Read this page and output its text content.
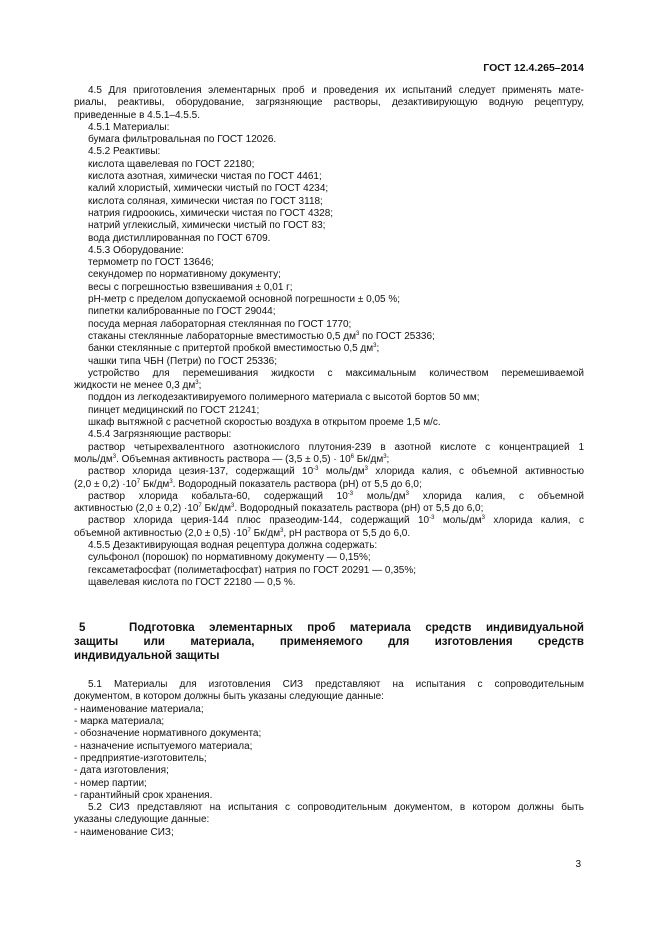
ГОСТ 12.4.265–2014

4.5 Для приготовления элементарных проб и проведения их испытаний следует применять мате-

риалы, реактивы, оборудование, загрязняющие растворы, дезактивирующую водную рецептуру,

приведенные в 4.5.1–4.5.5.

4.5.1 Материалы:

бумага фильтровальная по ГОСТ 12026.

4.5.2 Реактивы:

кислота щавелевая по ГОСТ 22180;

кислота азотная, химически чистая по ГОСТ 4461;

калий хлористый, химически чистый по ГОСТ 4234;

кислота соляная, химически чистая по ГОСТ 3118;

натрия гидроокись, химически чистая по ГОСТ 4328;

натрий углекислый, химически чистый по ГОСТ 83;

вода дистиллированная по ГОСТ 6709.

4.5.3 Оборудование:

термометр по ГОСТ 13646;

секундомер по нормативному документу;

весы с погрешностью взвешивания ± 0,01 г;

рН-метр с пределом допускаемой основной погрешности ± 0,05 %;

пипетки калиброванные по ГОСТ 29044;

посуда мерная лабораторная стеклянная по ГОСТ 1770;

стаканы стеклянные лабораторные вместимостью 0,5 $дм^3$ по ГОСТ 25336;

банки стеклянные с притертой пробкой вместимостью 0,5 $дм^3$;

чашки типа ЧБН (Петри) по ГОСТ 25336;

устройство для перемешивания жидкости с максимальным количеством перемешиваемой

жидкости не менее 0,3 $дм^3$;

поддон из легкодезактивируемого полимерного материала с высотой бортов 50 мм;

пинцет медицинский по ГОСТ 21241;

шкаф вытяжной с расчетной скоростью воздуха в открытом проеме 1,5 м/с.

4.5.4 Загрязняющие растворы:

раствор четырехвалентного азотнокислого плутония-239 в азотной кислоте с концентрацией 1

моль/$дм^3$. Объемная активность раствора — $(3,5 \pm 0,5) \cdot 10^6$ $Бк/дм^3$;

раствор хлорида цезия-137, содержащий $10^{-3}$ моль/$дм^3$ хлорида калия, с объемной активностью

$(2,0 \pm 0,2) \cdot 10^7$ $Бк/дм^3$. Водородный показатель раствора (рН) от 5,5 до 6,0;

раствор хлорида кобальта-60, содержащий $10^{-3}$ моль/$дм^3$ хлорида калия, с объемной

активностью $(2,0 \pm 0,2) \cdot 10^7$ $Бк/дм^3$. Водородный показатель раствора (рН) от 5,5 до 6,0;

раствор хлорида церия-144 плюс празеодим-144, содержащий $10^{-3}$ моль/$дм^3$ хлорида калия, с

объемной активностью $(2,0 \pm 0,5) \cdot 10^7$ $Бк/дм^3$, рН раствора от 5,5 до 6,0.

4.5.5 Дезактивирующая водная рецептура должна содержать:

сульфонол (порошок) по нормативному документу — 0,15%;

гексаметафосфат (полиметафосфат) натрия по ГОСТ 20291 — 0,35%;

щавелевая кислота по ГОСТ 22180 — 0,5 %.

5	Подготовка элементарных проб материала средств индивидуальной

защиты или материала, применяемого для изготовления средств

индивидуальной защиты

5.1 Материалы для изготовления СИЗ представляют на испытания с сопроводительным

документом, в котором должны быть указаны следующие данные:

- наименование материала;

- марка материала;

- обозначение нормативного документа;

- назначение испытуемого материала;

- предприятие-изготовитель;

- дата изготовления;

- номер партии;

- гарантийный срок хранения.

5.2 СИЗ представляют на испытания с сопроводительным документом, в котором должны быть

указаны следующие данные:

- наименование СИЗ;

3
